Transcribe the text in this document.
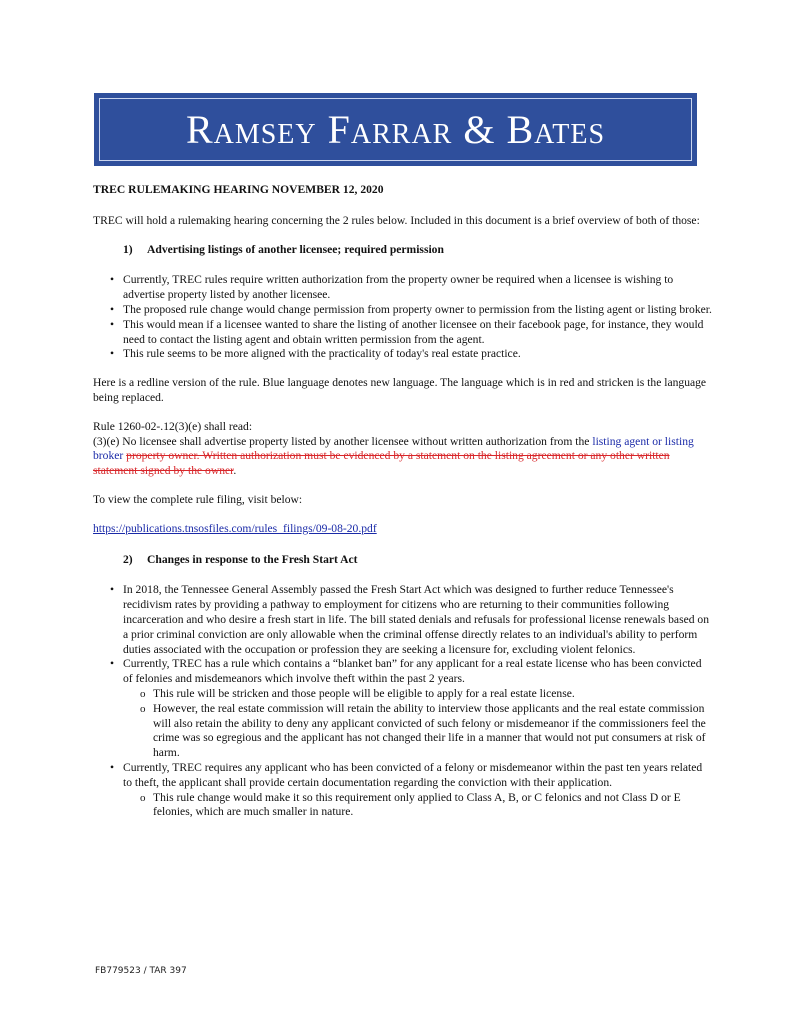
Ramsey Farrar & Bates

TREC RULEMAKING HEARING NOVEMBER 12, 2020

TREC will hold a rulemaking hearing concerning the 2 rules below. Included in this document is a brief overview of both of those:

1)	Advertising listings of another licensee; required permission
• Currently, TREC rules require written authorization from the property owner be required when a licensee is wishing to advertise property listed by another licensee.
• The proposed rule change would change permission from property owner to permission from the listing agent or listing broker.
• This would mean if a licensee wanted to share the listing of another licensee on their facebook page, for instance, they would need to contact the listing agent and obtain written permission from the agent.
• This rule seems to be more aligned with the practicality of today's real estate practice.

Here is a redline version of the rule. Blue language denotes new language. The language which is in red and stricken is the language being replaced.

Rule 1260-02-.12(3)(e) shall read:

(3)(e) No licensee shall advertise property listed by another licensee without written authorization from the listing agent or listing broker property owner. Written authorization must be evidenced by a statement on the listing agreement or any other written statement signed by the owner.

To view the complete rule filing, visit below:

https://publications.tnsosfiles.com/rules_filings/09-08-20.pdf

2)	Changes in response to the Fresh Start Act
• In 2018, the Tennessee General Assembly passed the Fresh Start Act which was designed to further reduce Tennessee's recidivism rates by providing a pathway to employment for citizens who are returning to their communities following incarceration and who desire a fresh start in life. The bill stated denials and refusals for professional license renewals based on a prior criminal conviction are only allowable when the criminal offense directly relates to an individual's ability to perform duties associated with the occupation or profession they are seeking a licensure for, excluding violent felonics.
• Currently, TREC has a rule which contains a “blanket ban” for any applicant for a real estate license who has been convicted of felonies and misdemeanors which involve theft within the past 2 years.
o This rule will be stricken and those people will be eligible to apply for a real estate license.
o However, the real estate commission will retain the ability to interview those applicants and the real estate commission will also retain the ability to deny any applicant convicted of such felony or misdemeanor if the commissioners feel the crime was so egregious and the applicant has not changed their life in a manner that would not put consumers at risk of harm.
• Currently, TREC requires any applicant who has been convicted of a felony or misdemeanor within the past ten years related to theft, the applicant shall provide certain documentation regarding the conviction with their application.
o This rule change would make it so this requirement only applied to Class A, B, or C felonics and not Class D or E felonies, which are much smaller in nature.
FB779523 / TAR 397
